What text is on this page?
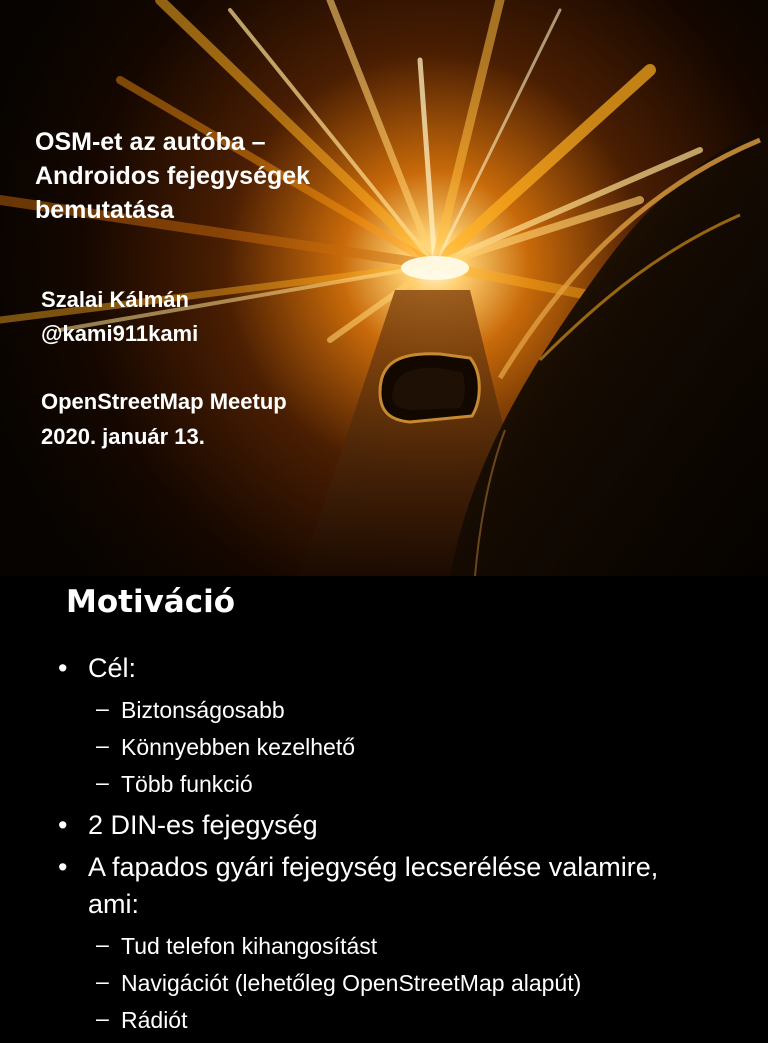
OSM-et az autóba –
Androidos fejegységek
bemutatása
Szalai Kálmán
@kami911kami
OpenStreetMap Meetup
2020. január 13.
Motiváció
• Cél:
– Biztonságosabb
– Könnyebben kezelhető
– Több funkció
• 2 DIN-es fejegység
• A fapados gyári fejegység lecserélése valamire, ami:
– Tud telefon kihangosítást
– Navigációt (lehetőleg OpenStreetMap alapút)
– Rádiót
